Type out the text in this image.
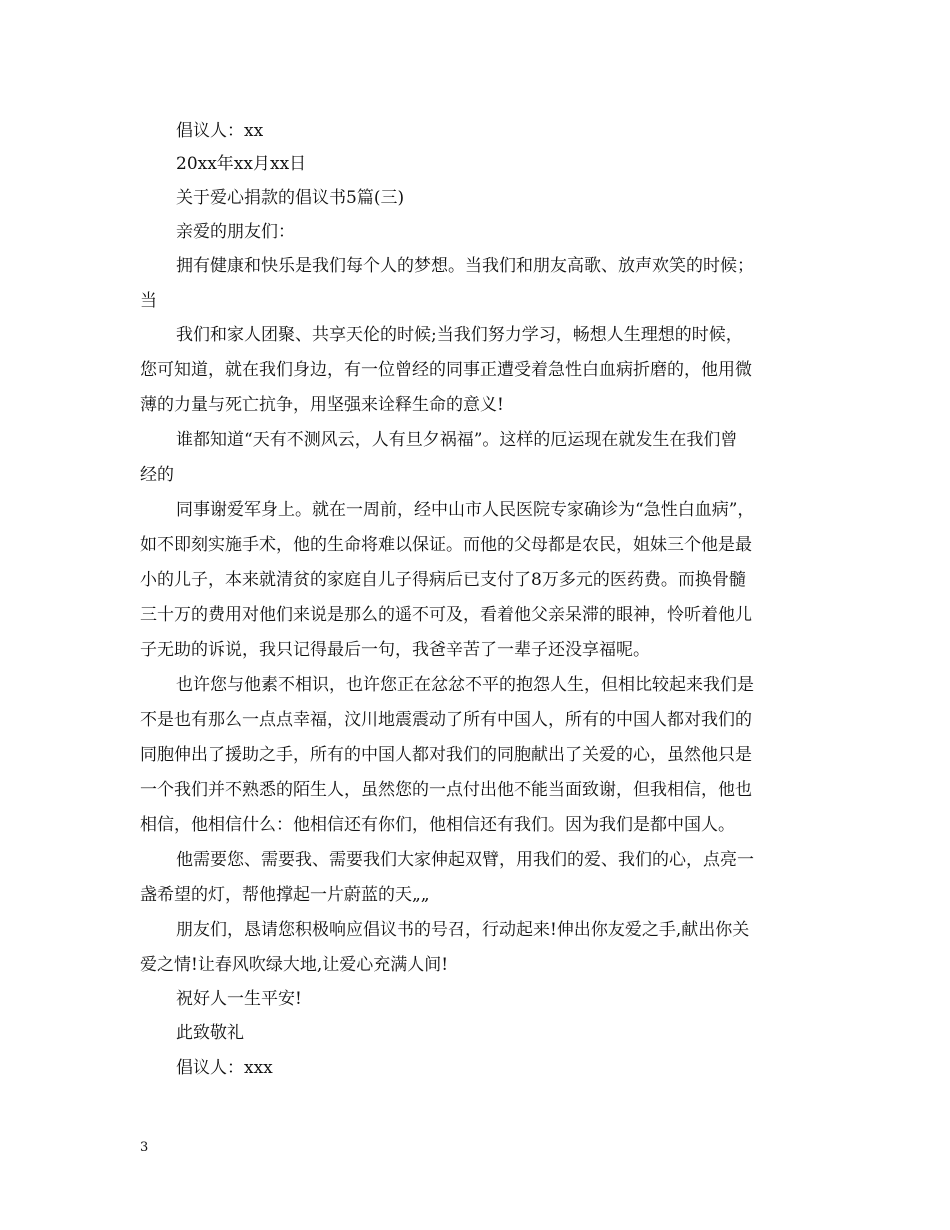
倡议人：xx
20xx年xx月xx日
关于爱心捐款的倡议书5篇(三)
亲爱的朋友们：
拥有健康和快乐是我们每个人的梦想。当我们和朋友高歌、放声欢笑的时候；
当
我们和家人团聚、共享天伦的时候;当我们努力学习，畅想人生理想的时候，
您可知道，就在我们身边，有一位曾经的同事正遭受着急性白血病折磨的，他用微
薄的力量与死亡抗争，用坚强来诠释生命的意义!
谁都知道“天有不测风云，人有旦夕祸福”。这样的厄运现在就发生在我们曾
经的
同事谢爱军身上。就在一周前，经中山市人民医院专家确诊为“急性白血病”，
如不即刻实施手术，他的生命将难以保证。而他的父母都是农民，姐妹三个他是最
小的儿子，本来就清贫的家庭自儿子得病后已支付了8万多元的医药费。而换骨髓
三十万的费用对他们来说是那么的遥不可及，看着他父亲呆滞的眼神，怜听着他儿
子无助的诉说，我只记得最后一句，我爸辛苦了一辈子还没享福呢。
也许您与他素不相识，也许您正在忿忿不平的抱怨人生，但相比较起来我们是
不是也有那么一点点幸福，汶川地震震动了所有中国人，所有的中国人都对我们的
同胞伸出了援助之手，所有的中国人都对我们的同胞献出了关爱的心，虽然他只是
一个我们并不熟悉的陌生人，虽然您的一点付出他不能当面致谢，但我相信，他也
相信，他相信什么：他相信还有你们，他相信还有我们。因为我们是都中国人。
他需要您、需要我、需要我们大家伸起双臂，用我们的爱、我们的心，点亮一
盏希望的灯，帮他撑起一片蔚蓝的天„„
朋友们，恳请您积极响应倡议书的号召，行动起来!伸出你友爱之手,献出你关
爱之情!让春风吹绿大地,让爱心充满人间!
祝好人一生平安!
此致敬礼
倡议人：xxx
3
